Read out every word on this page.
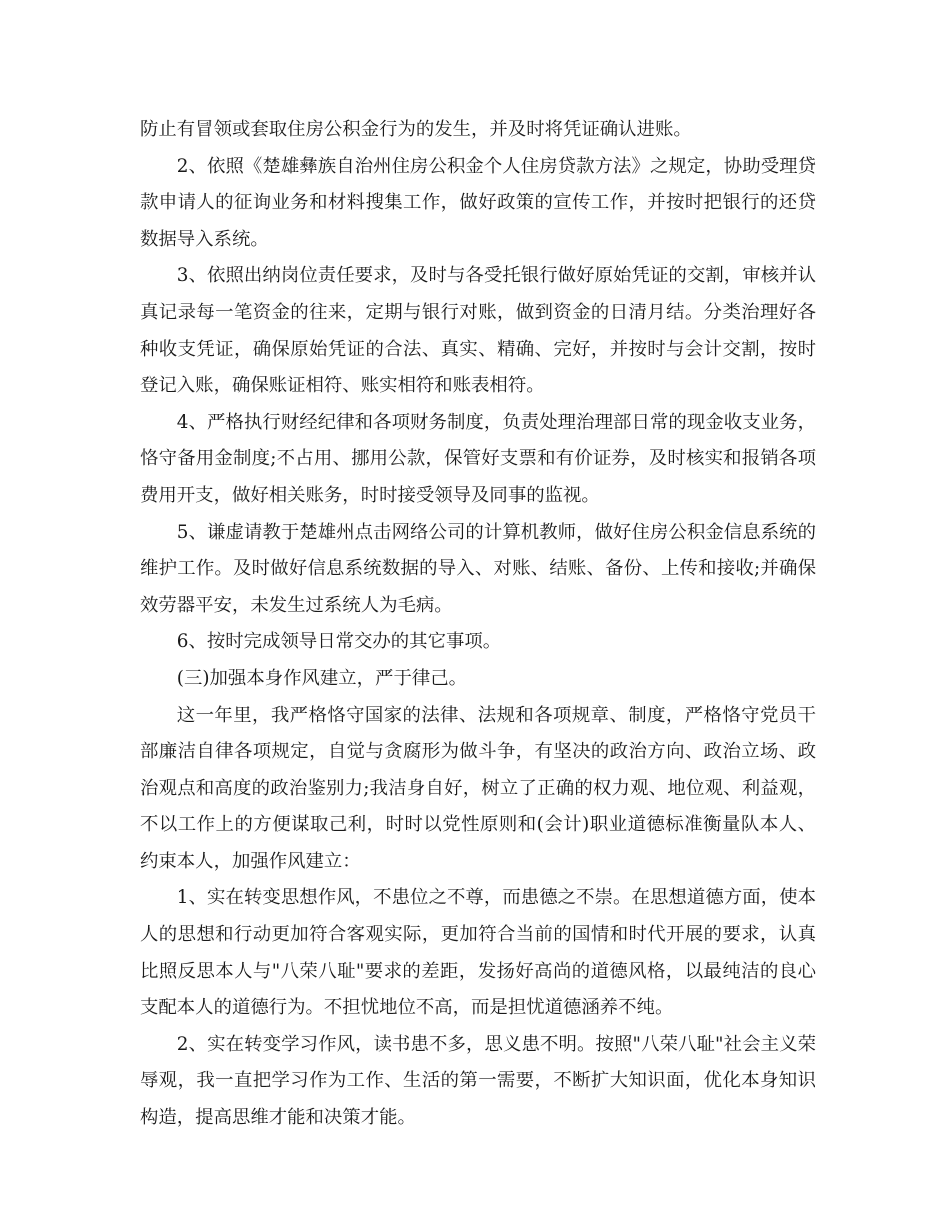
防止有冒领或套取住房公积金行为的发生，并及时将凭证确认进账。

2、依照《楚雄彝族自治州住房公积金个人住房贷款方法》之规定，协助受理贷款申请人的征询业务和材料搜集工作，做好政策的宣传工作，并按时把银行的还贷数据导入系统。

3、依照出纳岗位责任要求，及时与各受托银行做好原始凭证的交割，审核并认真记录每一笔资金的往来，定期与银行对账，做到资金的日清月结。分类治理好各种收支凭证，确保原始凭证的合法、真实、精确、完好，并按时与会计交割，按时登记入账，确保账证相符、账实相符和账表相符。

4、严格执行财经纪律和各项财务制度，负责处理治理部日常的现金收支业务，恪守备用金制度;不占用、挪用公款，保管好支票和有价证券，及时核实和报销各项费用开支，做好相关账务，时时接受领导及同事的监视。

5、谦虚请教于楚雄州点击网络公司的计算机教师，做好住房公积金信息系统的维护工作。及时做好信息系统数据的导入、对账、结账、备份、上传和接收;并确保效劳器平安，未发生过系统人为毛病。

6、按时完成领导日常交办的其它事项。

(三)加强本身作风建立，严于律己。

这一年里，我严格恪守国家的法律、法规和各项规章、制度，严格恪守党员干部廉洁自律各项规定，自觉与贪腐形为做斗争，有坚决的政治方向、政治立场、政治观点和高度的政治鉴别力;我洁身自好，树立了正确的权力观、地位观、利益观，不以工作上的方便谋取己利，时时以党性原则和(会计)职业道德标准衡量队本人、约束本人，加强作风建立：

1、实在转变思想作风，不患位之不尊，而患德之不崇。在思想道德方面，使本人的思想和行动更加符合客观实际，更加符合当前的国情和时代开展的要求，认真比照反思本人与"八荣八耻"要求的差距，发扬好高尚的道德风格，以最纯洁的良心支配本人的道德行为。不担忧地位不高，而是担忧道德涵养不纯。

2、实在转变学习作风，读书患不多，思义患不明。按照"八荣八耻"社会主义荣辱观，我一直把学习作为工作、生活的第一需要，不断扩大知识面，优化本身知识构造，提高思维才能和决策才能。
